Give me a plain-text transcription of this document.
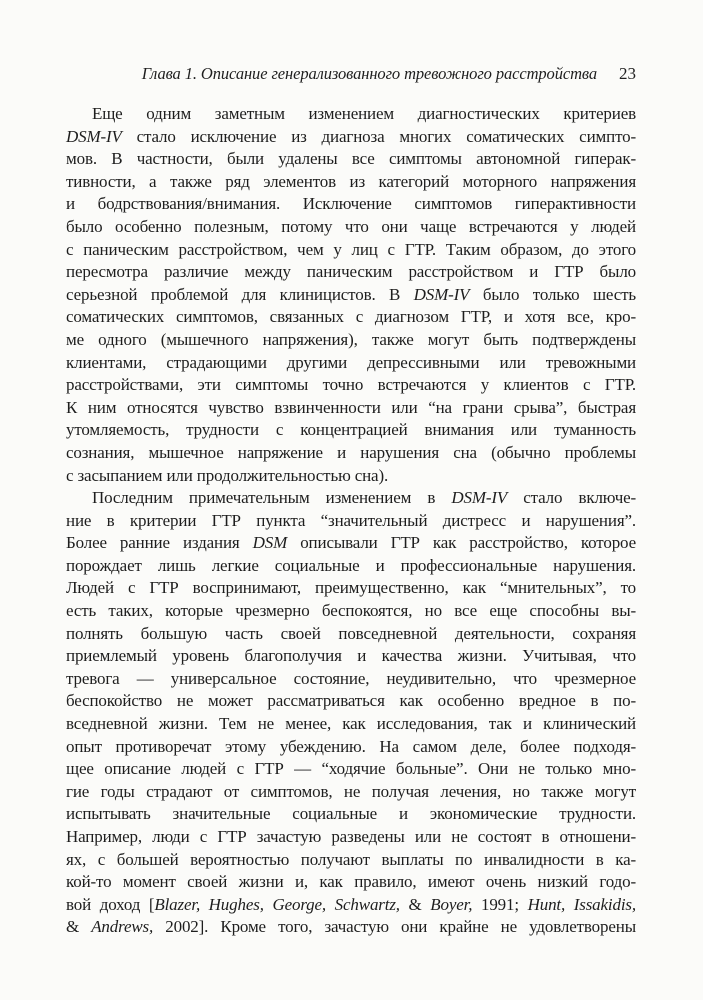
Глава 1. Описание генерализованного тревожного расстройства 23
Еще одним заметным изменением диагностических критериев
DSM-IV стало исключение из диагноза многих соматических симпто-
мов. В частности, были удалены все симптомы автономной гиперак-
тивности, а также ряд элементов из категорий моторного напряжения
и бодрствования/внимания. Исключение симптомов гиперактивности
было особенно полезным, потому что они чаще встречаются у людей
с паническим расстройством, чем у лиц с ГТР. Таким образом, до этого
пересмотра различие между паническим расстройством и ГТР было
серьезной проблемой для клиницистов. В DSM-IV было только шесть
соматических симптомов, связанных с диагнозом ГТР, и хотя все, кро-
ме одного (мышечного напряжения), также могут быть подтверждены
клиентами, страдающими другими депрессивными или тревожными
расстройствами, эти симптомы точно встречаются у клиентов с ГТР.
К ним относятся чувство взвинченности или “на грани срыва”, быстрая
утомляемость, трудности с концентрацией внимания или туманность
сознания, мышечное напряжение и нарушения сна (обычно проблемы
с засыпанием или продолжительностью сна).
Последним примечательным изменением в DSM-IV стало включе-
ние в критерии ГТР пункта “значительный дистресс и нарушения”.
Более ранние издания DSM описывали ГТР как расстройство, которое
порождает лишь легкие социальные и профессиональные нарушения.
Людей с ГТР воспринимают, преимущественно, как “мнительных”, то
есть таких, которые чрезмерно беспокоятся, но все еще способны вы-
полнять большую часть своей повседневной деятельности, сохраняя
приемлемый уровень благополучия и качества жизни. Учитывая, что
тревога — универсальное состояние, неудивительно, что чрезмерное
беспокойство не может рассматриваться как особенно вредное в по-
вседневной жизни. Тем не менее, как исследования, так и клинический
опыт противоречат этому убеждению. На самом деле, более подходя-
щее описание людей с ГТР — “ходячие больные”. Они не только мно-
гие годы страдают от симптомов, не получая лечения, но также могут
испытывать значительные социальные и экономические трудности.
Например, люди с ГТР зачастую разведены или не состоят в отношени-
ях, с большей вероятностью получают выплаты по инвалидности в ка-
кой-то момент своей жизни и, как правило, имеют очень низкий годо-
вой доход [Blazer, Hughes, George, Schwartz, & Boyer, 1991; Hunt, Issakidis,
& Andrews, 2002]. Кроме того, зачастую они крайне не удовлетворены
